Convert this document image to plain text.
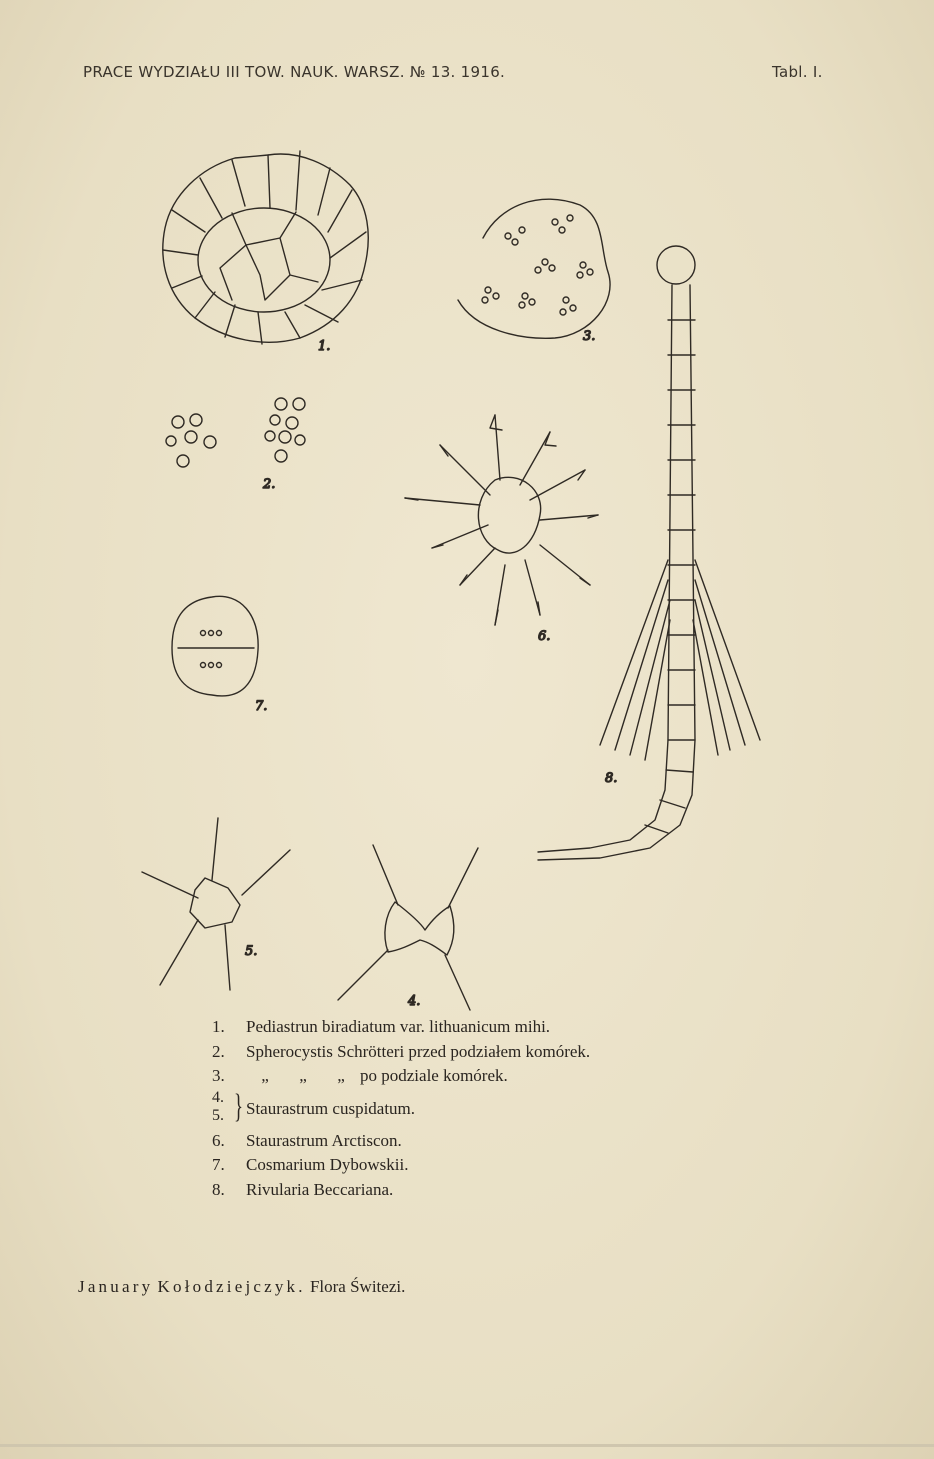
PRACE WYDZIAŁU III TOW. NAUK. WARSZ. № 13. 1916.	Tabl. I.
1.
2.
3.
6.
7.
8.
5.
4.
1. Pediastrun biradiatum var. lithuanicum mihi.
2. Spherocystis Schrötteri przed podziałem komórek.
3. „ „ „ po podziale komórek.
4.
5. } Staurastrum cuspidatum.
6. Staurastrum Arctiscon.
7. Cosmarium Dybowskii.
8. Rivularia Beccariana.
January Kołodziejczyk. Flora Świtezi.
